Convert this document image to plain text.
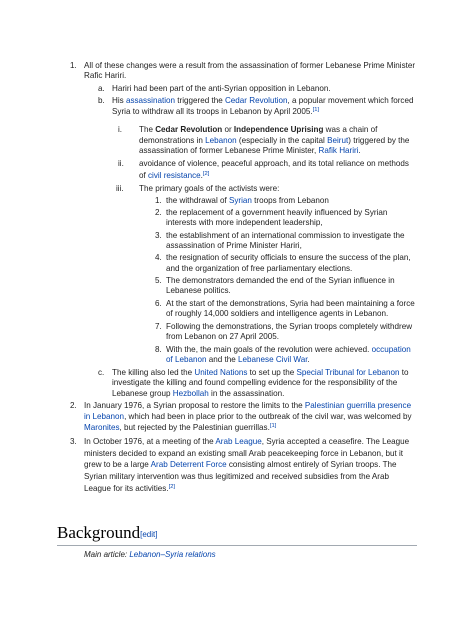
1. All of these changes were a result from the assassination of former Lebanese Prime Minister
Rafic Hariri.
a. Hariri had been part of the anti-Syrian opposition in Lebanon.
b. His assassination triggered the Cedar Revolution, a popular movement which forced
Syria to withdraw all its troops in Lebanon by April 2005.[1]
i. The Cedar Revolution or Independence Uprising was a chain of
demonstrations in Lebanon (especially in the capital Beirut) triggered by the
assassination of former Lebanese Prime Minister, Rafik Hariri.
ii. avoidance of violence, peaceful approach, and its total reliance on methods
of civil resistance.[2]
iii. The primary goals of the activists were:
1. the withdrawal of Syrian troops from Lebanon
2. the replacement of a government heavily influenced by Syrian
interests with more independent leadership,
3. the establishment of an international commission to investigate the
assassination of Prime Minister Hariri,
4. the resignation of security officials to ensure the success of the plan,
and the organization of free parliamentary elections.
5. The demonstrators demanded the end of the Syrian influence in
Lebanese politics.
6. At the start of the demonstrations, Syria had been maintaining a force
of roughly 14,000 soldiers and intelligence agents in Lebanon.
7. Following the demonstrations, the Syrian troops completely withdrew
from Lebanon on 27 April 2005.
8. With the, the main goals of the revolution were achieved. occupation
of Lebanon and the Lebanese Civil War.
c. The killing also led the United Nations to set up the Special Tribunal for Lebanon to
investigate the killing and found compelling evidence for the responsibility of the
Lebanese group Hezbollah in the assassination.
2. In January 1976, a Syrian proposal to restore the limits to the Palestinian guerrilla presence
in Lebanon, which had been in place prior to the outbreak of the civil war, was welcomed by
Maronites, but rejected by the Palestinian guerrillas.[1]
3. In October 1976, at a meeting of the Arab League, Syria accepted a ceasefire. The League
ministers decided to expand an existing small Arab peacekeeping force in Lebanon, but it
grew to be a large Arab Deterrent Force consisting almost entirely of Syrian troops. The
Syrian military intervention was thus legitimized and received subsidies from the Arab
League for its activities.[2]
Background[edit]
Main article: Lebanon–Syria relations
